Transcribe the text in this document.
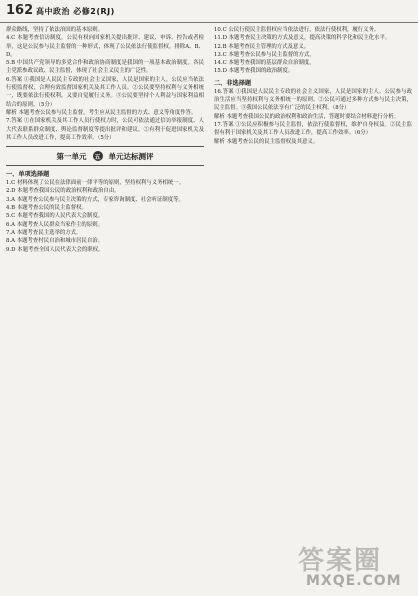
162 高中政治 必修2(RJ)
群众路线，坚持了依法治国的基本原则。
4.C 本题考查信访制度。公民有权向国家机关提出批评、建议、申诉、控告或者检举，这是公民参与民主监督的一种形式，体现了公民依法行使监督权。排除A、B、D。
5.B 中国共产党领导的多党合作和政治协商制度是我国的一项基本政治制度。各民主党派参政议政、民主监督，体现了社会主义民主的广泛性。
6.答案 ①我国是人民民主专政的社会主义国家，人民是国家的主人。公民应当依法行使监督权，合理有效监督国家机关及其工作人员。②公民要坚持权利与义务相统一，既要依法行使权利，又要自觉履行义务。③公民要坚持个人利益与国家利益相结合的原则。（5分）
解析 本题考查公民参与民主监督，考生应从民主监督的方式、意义等角度作答。
7.答案 ①在国家机关及其工作人员行使权力时，公民可依法通过信访举报制度、人大代表联系群众制度、舆论监督制度等提出批评和建议。②有利于促进国家机关及其工作人员改进工作，提高工作效率。（5分）
第一单元	五 单元达标测评
一、单项选择题
1.C 材料体现了公民在法律面前一律平等的原则，坚持权利与义务相统一。
2.D 本题考查我国公民的政治权利和政治自由。
3.A 本题考查公民参与民主决策的方式，专家咨询制度、社会听证制度等。
4.B 本题考查公民的民主监督权。
5.C 本题考查我国的人民代表大会制度。
6.A 本题考查人民群众当家作主的原则。
7.A 本题考查民主选举的方式。
8.A 本题考查村民自治和城市居民自治。
9.D 本题考查全国人民代表大会的职权。
10.C 公民行使民主监督权应当依法进行，依法行使权利，履行义务。
11.D 本题考查民主决策的方式及意义，提高决策的科学化和民主化水平。
12.B 本题考查民主管理的方式及意义。
13.C 本题考查公民参与民主监督的方式。
14.C 本题考查我国的基层群众自治制度。
15.D 本题考查我国的政治制度。
二、非选择题
16.答案 ①我国是人民民主专政的社会主义国家，人民是国家的主人。公民参与政治生活应当坚持权利与义务相统一的原则。②公民可通过多种方式参与民主决策，民主监督。③我国公民依法享有广泛的民主权利。（8分）
解析 本题考查我国公民的政治权利和政治生活，答题时要结合材料进行分析。
17.答案 ①公民应积极参与民主监督，依法行使监督权，维护自身权益。②民主监督有利于国家机关及其工作人员改进工作，提高工作效率。（6分）
解析 本题考查公民的民主监督权及其意义。
答案圈
MXQE.COM
